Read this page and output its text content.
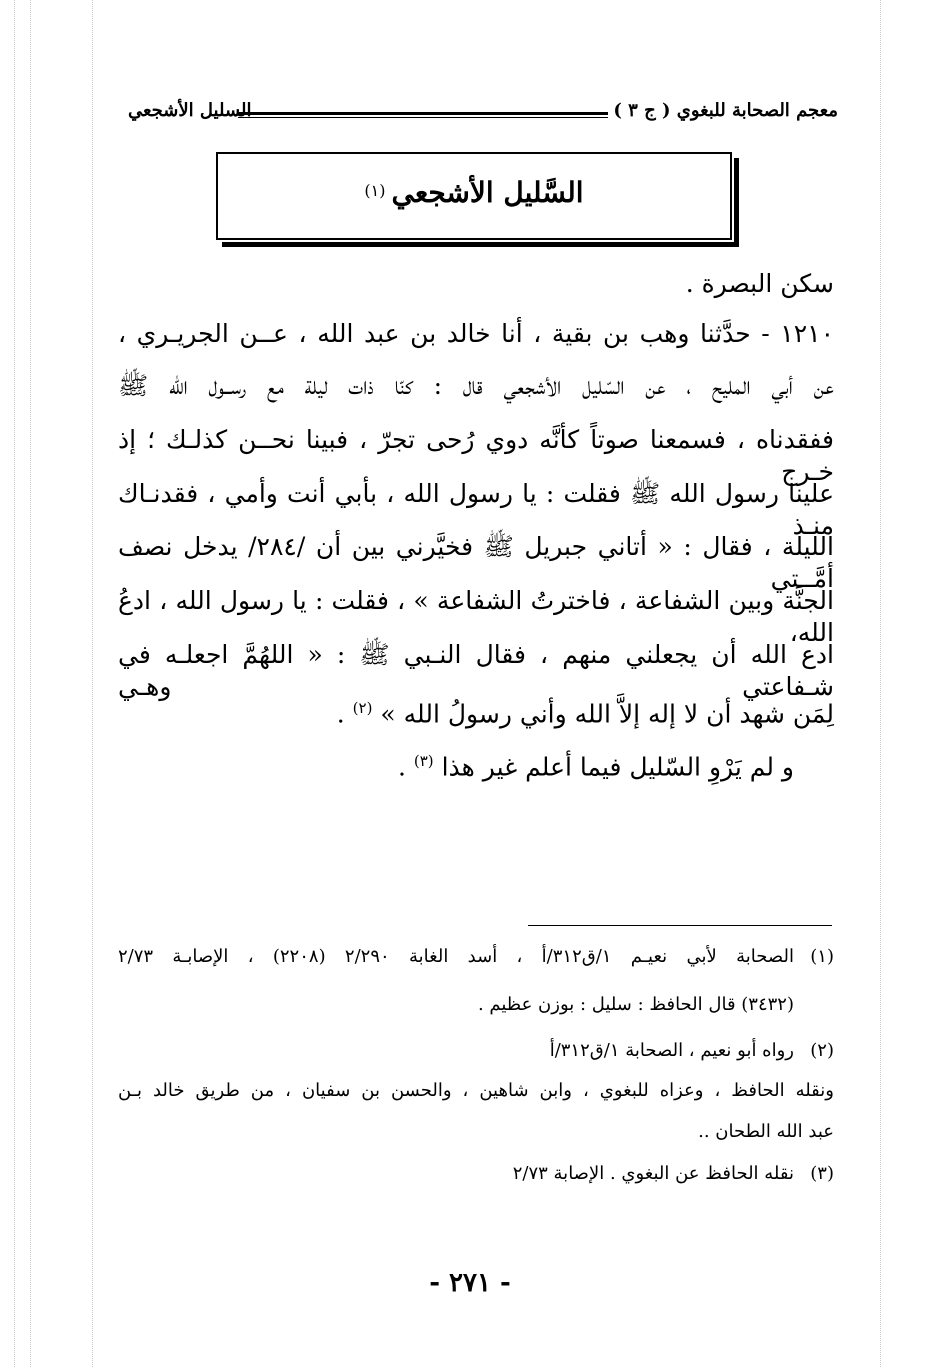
معجم الصحابة للبغوي ( ج ٣ )
السليل الأشجعي
السَّليل الأشجعي(١)
سكن البصرة .
١٢١٠ - حدَّثنا وهب بن بقية ، أنا خالد بن عبد الله ، عــن الجريـري ،
عن أبي المليح ، عن السّليل الأشجعي قال : كنّا ذات ليلة مع رســول الله ﷺ
ففقدناه ، فسمعنا صوتاً كأنَّه دوي رُحى تجرّ ، فبينا نحــن كذلـك ؛ إذ خـرج
علينا رسول الله ﷺ فقلت : يا رسول الله ، بأبي أنت وأمي ، فقدنـاك منـذ
الليلة ، فقال : « أتاني جبريل ﷺ فخيَّرني بين أن /٢٨٤/ يدخل نصف أمَّــتي
الجنَّة وبين الشفاعة ، فاخترتُ الشفاعة » ، فقلت : يا رسول الله ، ادعُ الله،
ادع الله أن يجعلني منهم ، فقال النـبي ﷺ : « اللهُمَّ اجعلـه في شـفاعتي وهـي
لِمَن شهد أن لا إله إلاَّ الله وأني رسولُ الله » $^{(٢)}$ .
و لم يَرْوِ السّليل فيما أعلم غير هذا $^{(٣)}$ .
(١)الصحابة لأبي نعيـم ١/ق٣١٢/أ ، أسد الغابة ٢/٢٩٠ (٢٢٠٨) ، الإصابـة ٢/٧٣
(٣٤٣٢) قال الحافظ : سليل : بوزن عظيم .
(٢)رواه أبو نعيم ، الصحابة ١/ق٣١٢/أ
ونقله الحافظ ، وعزاه للبغوي ، وابن شاهين ، والحسن بن سفيان ، من طريق خالد بـن
عبد الله الطحان ..
(٣)نقله الحافظ عن البغوي . الإصابة ٢/٧٣
- ٢٧١ -
